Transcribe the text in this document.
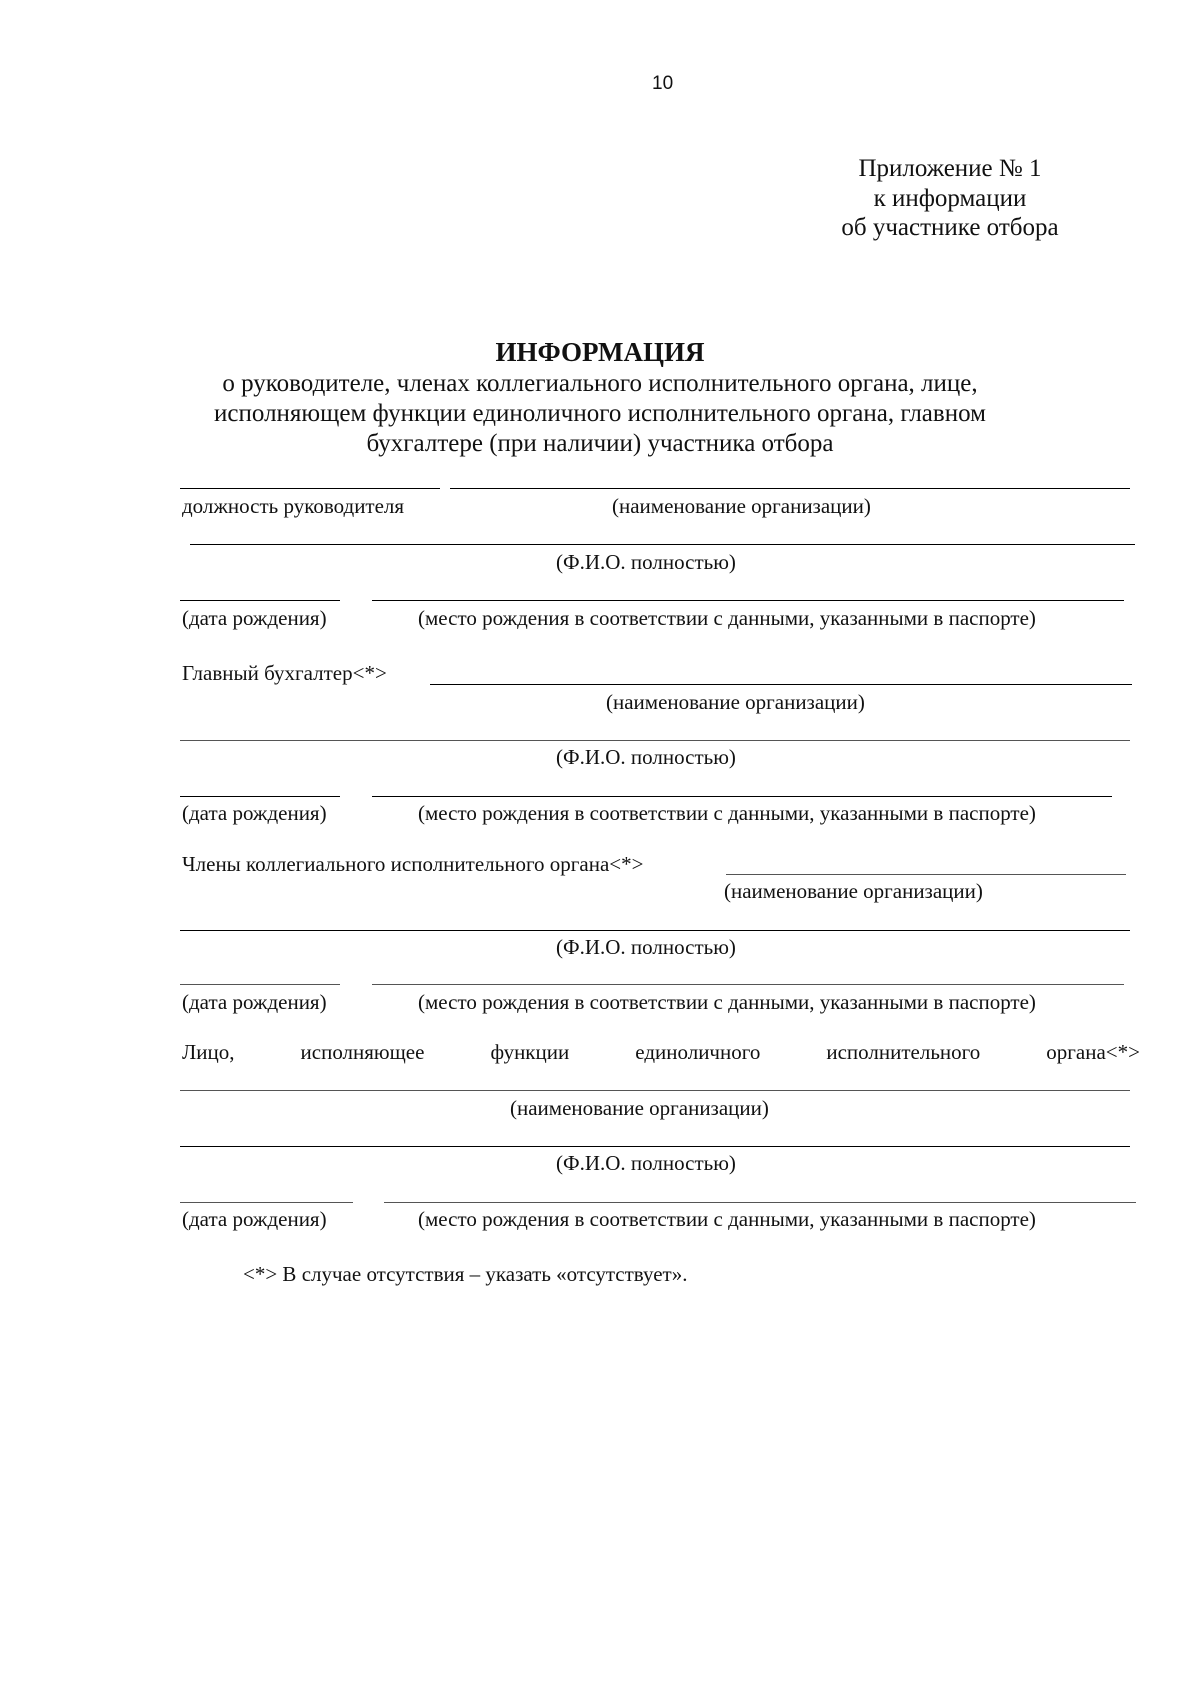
10
Приложение № 1
к информации
об участнике отбора
ИНФОРМАЦИЯ
о руководителе, членах коллегиального исполнительного органа, лице,
исполняющем функции единоличного исполнительного органа, главном
бухгалтере (при наличии) участника отбора
должность руководителя	(наименование организации)
(Ф.И.О. полностью)
(дата рождения)	(место рождения в соответствии с данными, указанными в паспорте)
Главный бухгалтер<*>
(наименование организации)
(Ф.И.О. полностью)
(дата рождения)	(место рождения в соответствии с данными, указанными в паспорте)
Члены коллегиального исполнительного органа<*>
(наименование организации)
(Ф.И.О. полностью)
(дата рождения)	(место рождения в соответствии с данными, указанными в паспорте)
Лицо,	исполняющее	функции	единоличного	исполнительного	органа<*>
(наименование организации)
(Ф.И.О. полностью)
(дата рождения)	(место рождения в соответствии с данными, указанными в паспорте)
<*> В случае отсутствия – указать «отсутствует».
